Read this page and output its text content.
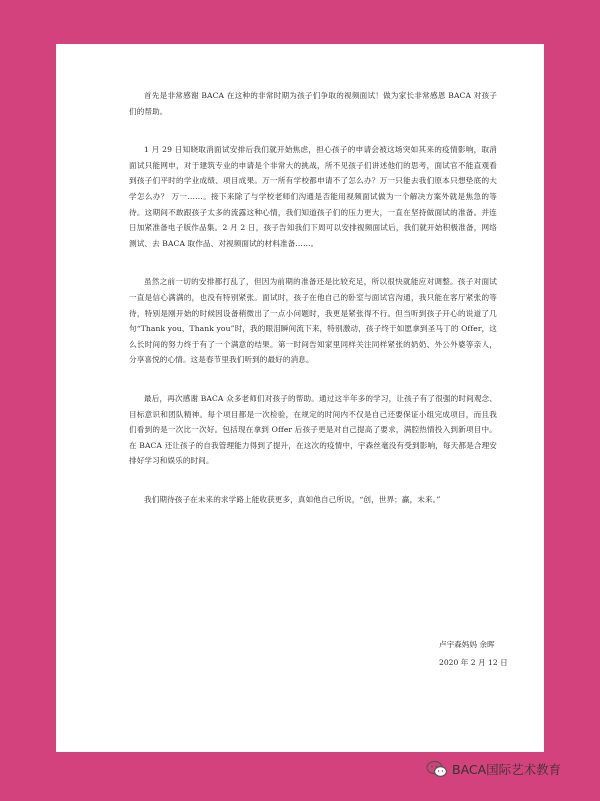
首先是非常感谢 BACA 在这种的非常时期为孩子们争取的视频面试！做为家长非常感恩 BACA 对孩子们的帮助。

1 月 29 日知晓取消面试安排后我们就开始焦虑，担心孩子的申请会被这场突如其来的疫情影响，取消面试只能网申，对于建筑专业的申请是个非常大的挑战，所不见孩子们讲述他们的思考，面试官不能直观看到孩子们平时的学业成绩、项目成果。万一所有学校都申请不了怎么办？万一只能去我们原本只想垫底的大学怎么办？ 万一……。接下来除了与学校老师们沟通是否能用视频面试做为一个解决方案外就是焦急的等待。这期间不敢跟孩子太多的流露这种心情，我们知道孩子们的压力更大，一直在坚持做面试的准备。并连日加紧准备电子版作品集。2 月 2 日，孩子告知我们下周可以安排视频面试后，我们就开始积极准备，网络测试、去 BACA 取作品、对视频面试的材料准备……。

虽然之前一切的安排都打乱了，但因为前期的准备还是比较充足，所以很快就能应对调整。孩子对面试一直是信心满满的，也没有特别紧张。面试时，孩子在他自己的卧室与面试官沟通，我只能在客厅紧张的等待，特别是刚开始的时候因设备稍微出了一点小问题时，我更是紧张得不行。但当听到孩子开心的说道了几句“Thank you、Thank you”时，我的眼泪瞬间流下来，特别激动，孩子终于如愿拿到圣马丁的 Offer，这么长时间的努力终于有了一个满意的结果。第一时间告知家里同样关注同样紧张的奶奶、外公外婆等亲人，分享喜悦的心情。这是春节里我们听到的最好的消息。

最后，再次感谢 BACA 众多老师们对孩子的帮助。通过这半年多的学习，让孩子有了很强的时间观念、目标意识和团队精神。每个项目都是一次检验，在规定的时间内不仅是自己还要保证小组完成项目，而且我们看到的是一次比一次好。包括现在拿到 Offer 后孩子更是对自己提高了要求，满腔热情投入到新项目中。在 BACA 还让孩子的自我管理能力得到了提升，在这次的疫情中，宇森丝毫没有受到影响，每天都是合理安排好学习和娱乐的时间。

我们期待孩子在未来的求学路上能收获更多，真如他自己所说，“创，世界；赢，未来。”

卢宇森妈妈 余晖
2020 年 2 月 12 日
BACA国际艺术教育
